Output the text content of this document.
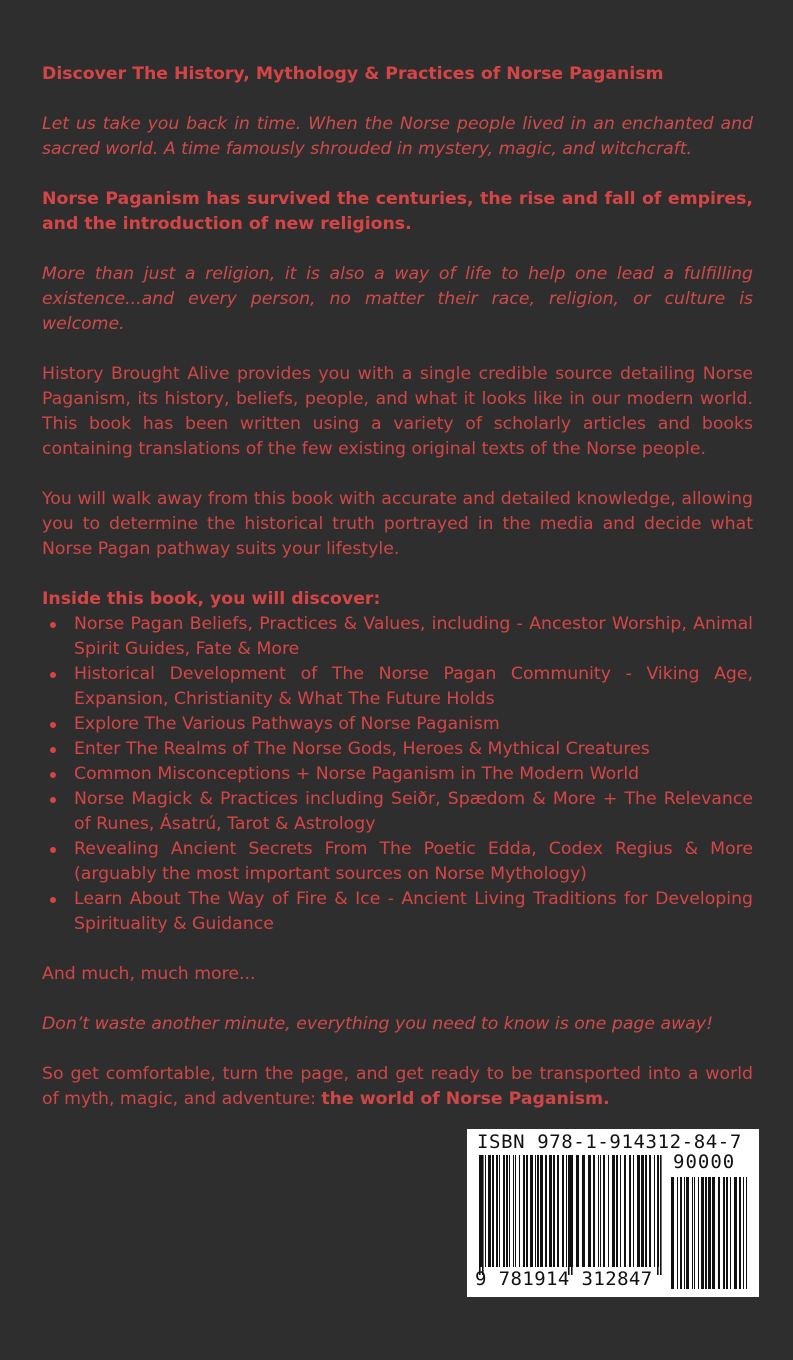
Discover The History, Mythology & Practices of Norse Paganism

Let us take you back in time. When the Norse people lived in an enchanted and sacred world. A time famously shrouded in mystery, magic, and witchcraft.

Norse Paganism has survived the centuries, the rise and fall of empires, and the introduction of new religions.

More than just a religion, it is also a way of life to help one lead a fulfilling existence...and every person, no matter their race, religion, or culture is welcome.

History Brought Alive provides you with a single credible source detailing Norse Paganism, its history, beliefs, people, and what it looks like in our modern world. This book has been written using a variety of scholarly articles and books containing translations of the few existing original texts of the Norse people.

You will walk away from this book with accurate and detailed knowledge, allowing you to determine the historical truth portrayed in the media and decide what Norse Pagan pathway suits your lifestyle.

Inside this book, you will discover:

Norse Pagan Beliefs, Practices & Values, including - Ancestor Worship, Animal Spirit Guides, Fate & More
Historical Development of The Norse Pagan Community - Viking Age, Expansion, Christianity & What The Future Holds
Explore The Various Pathways of Norse Paganism
Enter The Realms of The Norse Gods, Heroes & Mythical Creatures
Common Misconceptions + Norse Paganism in The Modern World
Norse Magick & Practices including Seiðr, Spædom & More + The Relevance of Runes, Ásatrú, Tarot & Astrology
Revealing Ancient Secrets From The Poetic Edda, Codex Regius & More (arguably the most important sources on Norse Mythology)
Learn About The Way of Fire & Ice - Ancient Living Traditions for Developing Spirituality & Guidance

And much, much more...

Don’t waste another minute, everything you need to know is one page away!

So get comfortable, turn the page, and get ready to be transported into a world of myth, magic, and adventure: the world of Norse Paganism.

ISBN 978-1-914312-84-7
90000
9 781914 312847
